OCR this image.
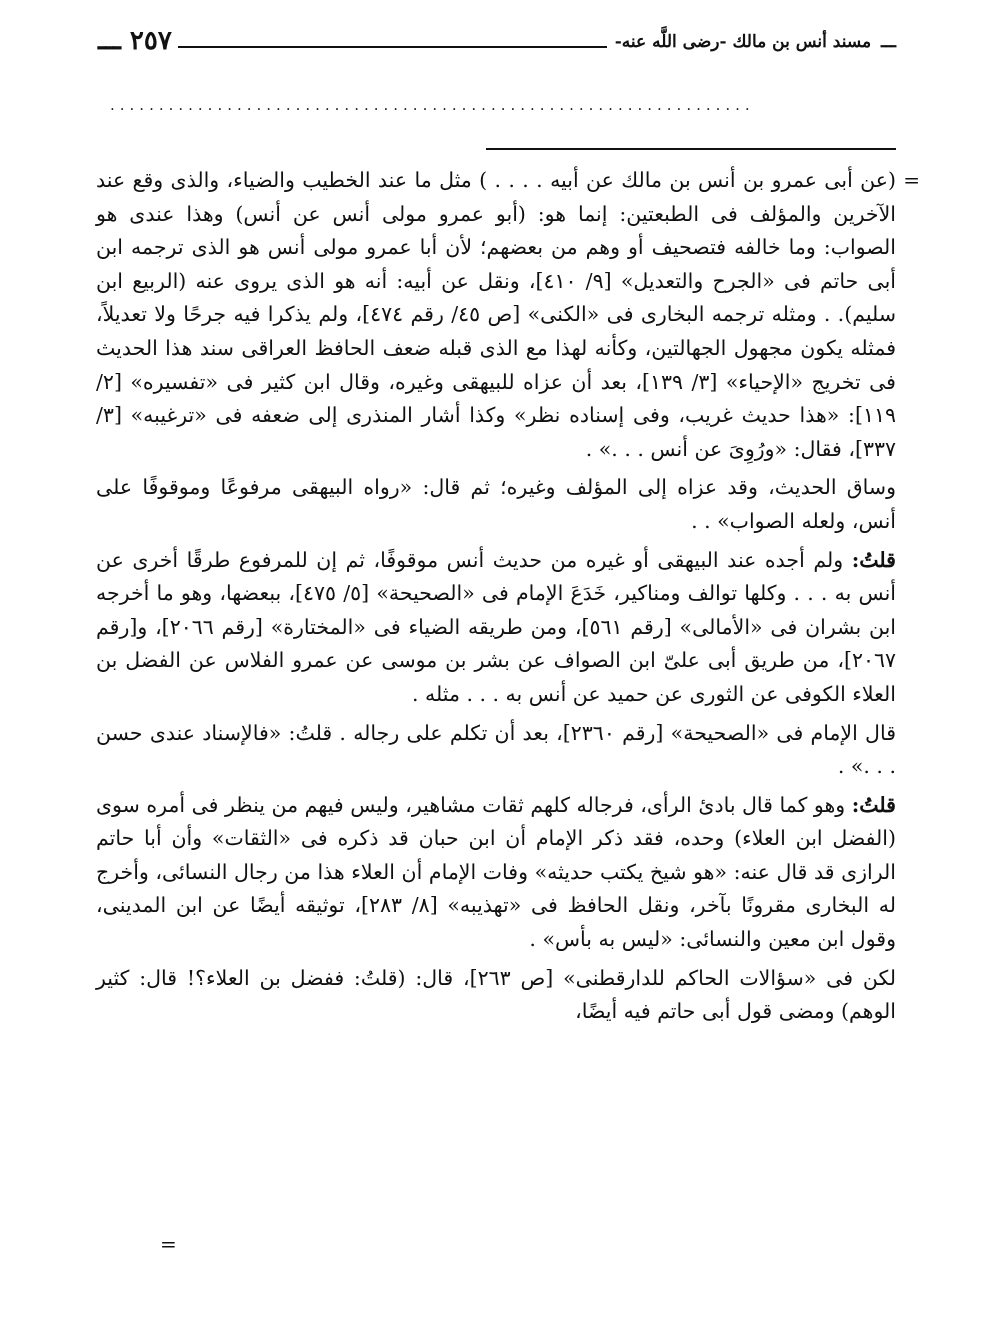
ـــ مسند أنس بن مالك -رضى اللَّه عنه-
٢٥٧ ـــ
..................................................................

=
(عن أبى عمرو بن أنس بن مالك عن أبيه . . . . ) مثل ما عند الخطيب والضياء، والذى وقع عند الآخرين والمؤلف فى الطبعتين: إنما هو: (أبو عمرو مولى أنس عن أنس) وهذا عندى هو الصواب: وما خالفه فتصحيف أو وهم من بعضهم؛ لأن أبا عمرو مولى أنس هو الذى ترجمه ابن أبى حاتم فى «الجرح والتعديل» [٩/ ٤١٠]، ونقل عن أبيه: أنه هو الذى يروى عنه (الربيع ابن سليم). . ومثله ترجمه البخارى فى «الكنى» [ص ٤٥/ رقم ٤٧٤]، ولم يذكرا فيه جرحًا ولا تعديلاً، فمثله يكون مجهول الجهالتين، وكأنه لهذا مع الذى قبله ضعف الحافظ العراقى سند هذا الحديث فى تخريج «الإحياء» [٣/ ١٣٩]، بعد أن عزاه للبيهقى وغيره، وقال ابن كثير فى «تفسيره» [٢/ ١١٩]: «هذا حديث غريب، وفى إسناده نظر» وكذا أشار المنذرى إلى ضعفه فى «ترغيبه» [٣/ ٣٣٧]، فقال: «ورُوِىَ عن أنس . . .» .

وساق الحديث، وقد عزاه إلى المؤلف وغيره؛ ثم قال: «رواه البيهقى مرفوعًا وموقوفًا على أنس، ولعله الصواب» . .

قلتُ: ولم أجده عند البيهقى أو غيره من حديث أنس موقوفًا، ثم إن للمرفوع طرقًا أخرى عن أنس به . . . وكلها توالف ومناكير، خَدَعَ الإمام فى «الصحيحة» [٥/ ٤٧٥]، ببعضها، وهو ما أخرجه ابن بشران فى «الأمالى» [رقم ٥٦١]، ومن طريقه الضياء فى «المختارة» [رقم ٢٠٦٦]، و[رقم ٢٠٦٧]، من طريق أبى علىّ ابن الصواف عن بشر بن موسى عن عمرو الفلاس عن الفضل بن العلاء الكوفى عن الثورى عن حميد عن أنس به . . . مثله .

قال الإمام فى «الصحيحة» [رقم ٢٣٦٠]، بعد أن تكلم على رجاله . قلتُ: «فالإسناد عندى حسن . . .» .

قلتُ: وهو كما قال بادئ الرأى، فرجاله كلهم ثقات مشاهير، وليس فيهم من ينظر فى أمره سوى (الفضل ابن العلاء) وحده، فقد ذكر الإمام أن ابن حبان قد ذكره فى «الثقات» وأن أبا حاتم الرازى قد قال عنه: «هو شيخ يكتب حديثه» وفات الإمام أن العلاء هذا من رجال النسائى، وأخرج له البخارى مقرونًا بآخر، ونقل الحافظ فى «تهذيبه» [٨/ ٢٨٣]، توثيقه أيضًا عن ابن المدينى، وقول ابن معين والنسائى: «ليس به بأس» .

لكن فى «سؤالات الحاكم للدارقطنى» [ص ٢٦٣]، قال: (قلتُ: ففضل بن العلاء؟! قال: كثير الوهم) ومضى قول أبى حاتم فيه أيضًا،

=
